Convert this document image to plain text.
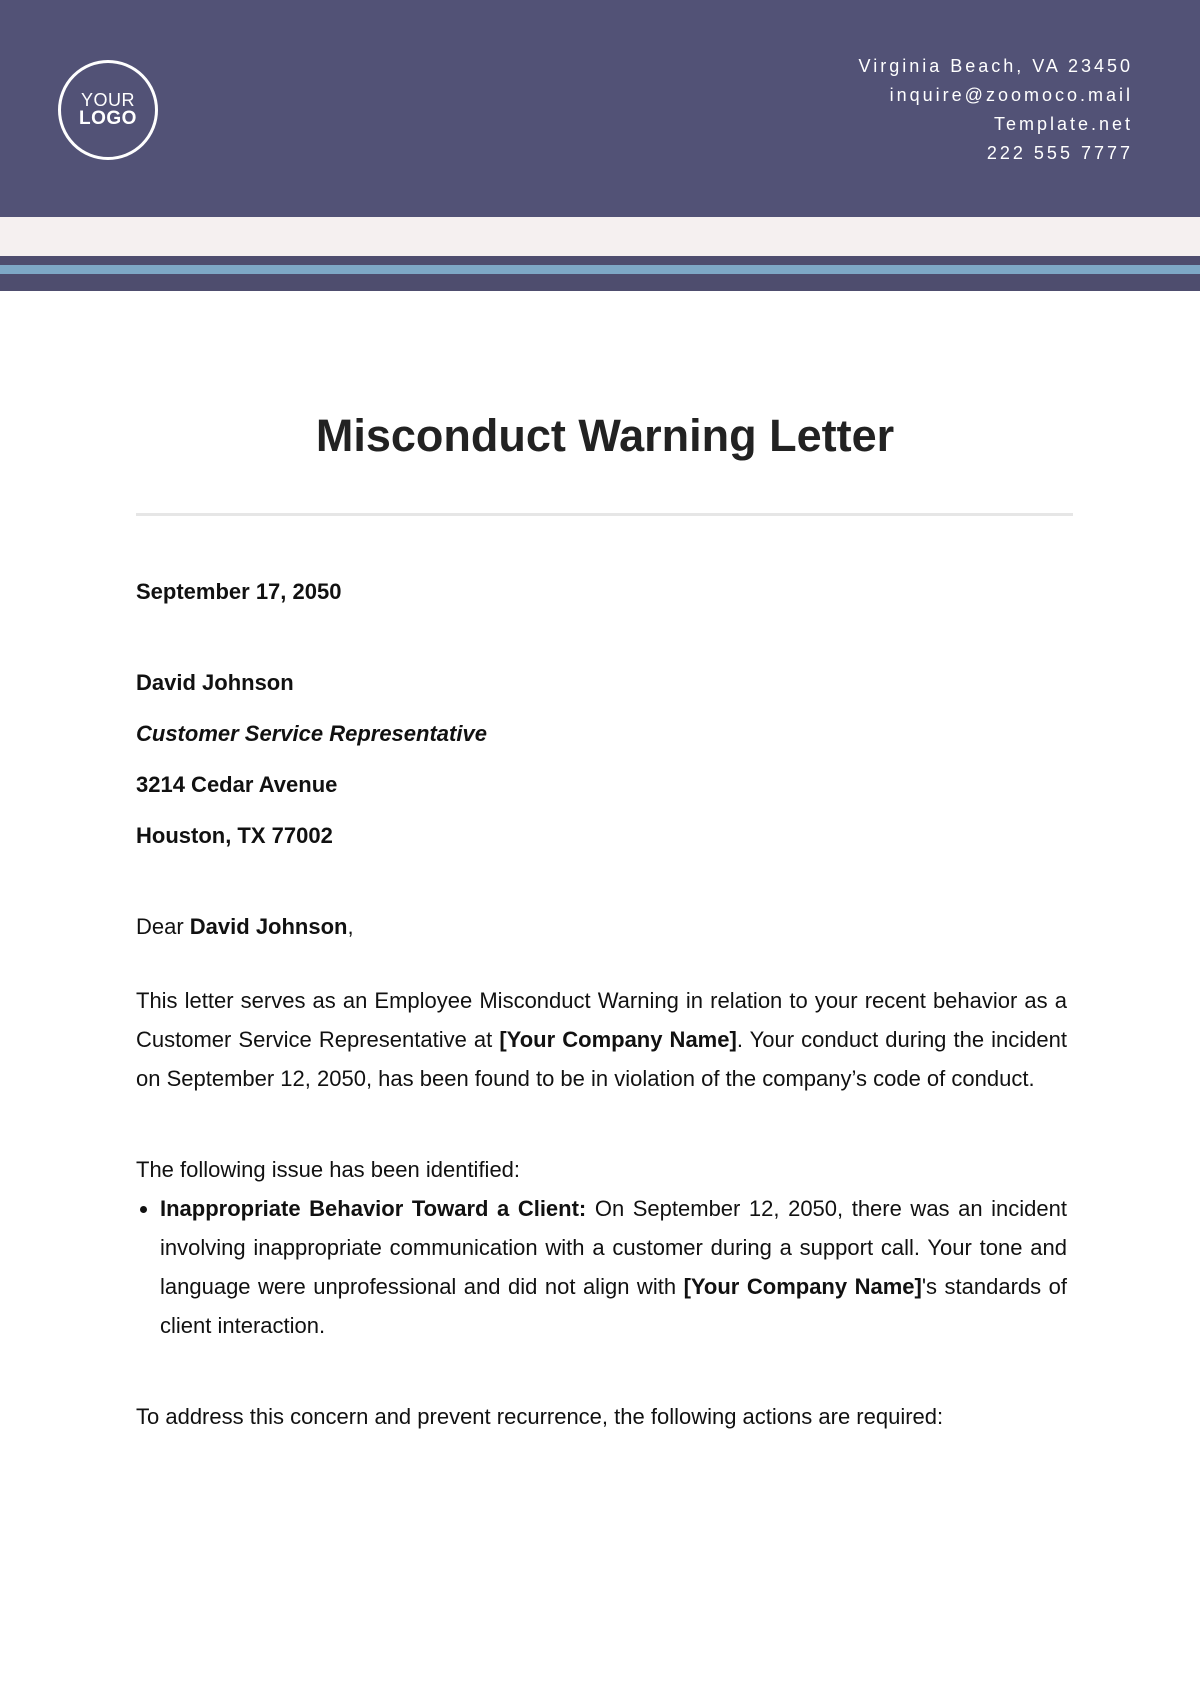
YOUR
LOGO
Virginia Beach, VA 23450
inquire@zoomoco.mail
Template.net
222 555 7777
Misconduct Warning Letter

September 17, 2050

David Johnson

Customer Service Representative

3214 Cedar Avenue

Houston, TX 77002

Dear David Johnson,

This letter serves as an Employee Misconduct Warning in relation to your recent behavior as a Customer Service Representative at [Your Company Name]. Your conduct during the incident on September 12, 2050, has been found to be in violation of the company’s code of conduct.

The following issue has been identified:

• Inappropriate Behavior Toward a Client: On September 12, 2050, there was an incident involving inappropriate communication with a customer during a support call. Your tone and language were unprofessional and did not align with [Your Company Name]'s standards of client interaction.

To address this concern and prevent recurrence, the following actions are required:
